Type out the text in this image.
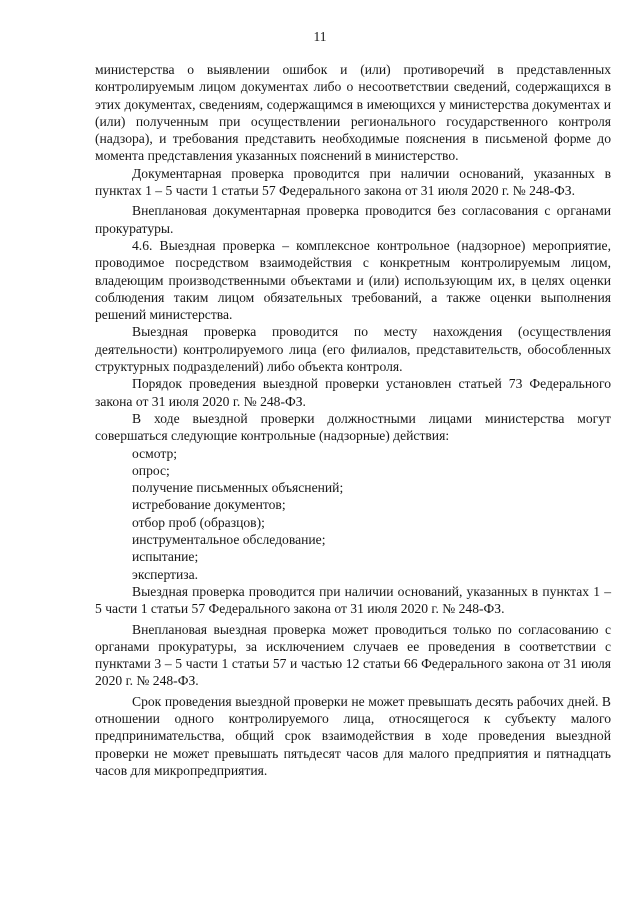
11

министерства о выявлении ошибок и (или) противоречий в представленных контролируемым лицом документах либо о несоответствии сведений, содержащихся в этих документах, сведениям, содержащимся в имеющихся у министерства документах и (или) полученным при осуществлении регионального государственного контроля (надзора), и требования представить необходимые пояснения в письменой форме до момента представления указанных пояснений в министерство.

Документарная проверка проводится при наличии оснований, указанных в пунктах 1 – 5 части 1 статьи 57 Федерального закона от 31 июля 2020 г. № 248-ФЗ.

Внеплановая документарная проверка проводится без согласования с органами прокуратуры.

4.6. Выездная проверка – комплексное контрольное (надзорное) мероприятие, проводимое посредством взаимодействия с конкретным контролируемым лицом, владеющим производственными объектами и (или) использующим их, в целях оценки соблюдения таким лицом обязательных требований, а также оценки выполнения решений министерства.

Выездная проверка проводится по месту нахождения (осуществления деятельности) контролируемого лица (его филиалов, представительств, обособленных структурных подразделений) либо объекта контроля.

Порядок проведения выездной проверки установлен статьей 73 Федерального закона от 31 июля 2020 г. № 248-ФЗ.

В ходе выездной проверки должностными лицами министерства могут совершаться следующие контрольные (надзорные) действия:

осмотр;

опрос;

получение письменных объяснений;

истребование документов;

отбор проб (образцов);

инструментальное обследование;

испытание;

экспертиза.

Выездная проверка проводится при наличии оснований, указанных в пунктах 1 – 5 части 1 статьи 57 Федерального закона от 31 июля 2020 г. № 248-ФЗ.

Внеплановая выездная проверка может проводиться только по согласованию с органами прокуратуры, за исключением случаев ее проведения в соответствии с пунктами 3 – 5 части 1 статьи 57 и частью 12 статьи 66 Федерального закона от 31 июля 2020 г. № 248-ФЗ.

Срок проведения выездной проверки не может превышать десять рабочих дней. В отношении одного контролируемого лица, относящегося к субъекту малого предпринимательства, общий срок взаимодействия в ходе проведения выездной проверки не может превышать пятьдесят часов для малого предприятия и пятнадцать часов для микропредприятия.
